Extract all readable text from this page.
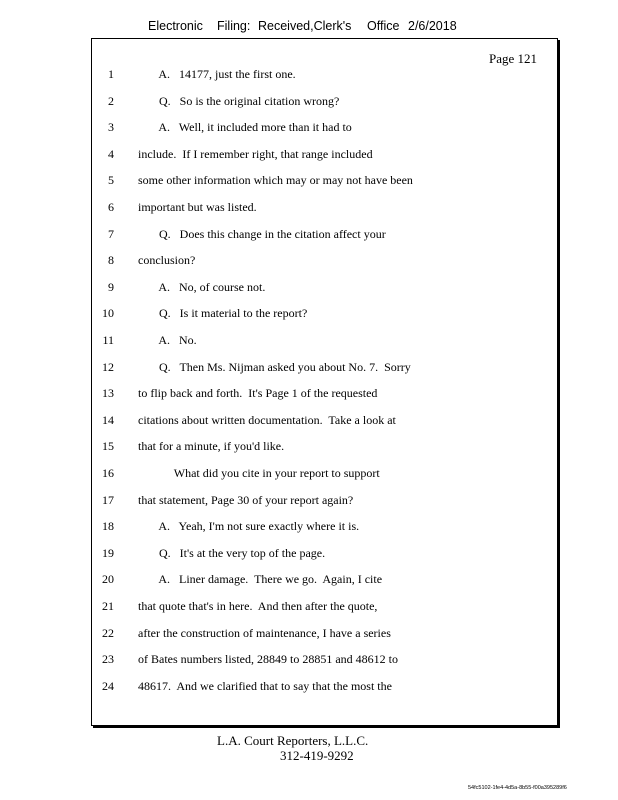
Electronic Filing: Received,Clerk's Office 2/6/2018
Page 121
1 A.   14177, just the first one.
2 Q.   So is the original citation wrong?
3 A.   Well, it included more than it had to
4 include.  If I remember right, that range included
5 some other information which may or may not have been
6 important but was listed.
7 Q.   Does this change in the citation affect your
8 conclusion?
9 A.   No, of course not.
10 Q.   Is it material to the report?
11 A.   No.
12 Q.   Then Ms. Nijman asked you about No. 7.  Sorry
13 to flip back and forth.  It's Page 1 of the requested
14 citations about written documentation.  Take a look at
15 that for a minute, if you'd like.
16 What did you cite in your report to support
17 that statement, Page 30 of your report again?
18 A.   Yeah, I'm not sure exactly where it is.
19 Q.   It's at the very top of the page.
20 A.   Liner damage.  There we go.  Again, I cite
21 that quote that's in here.  And then after the quote,
22 after the construction of maintenance, I have a series
23 of Bates numbers listed, 28849 to 28851 and 48612 to
24 48617.  And we clarified that to say that the most the
L.A. Court Reporters, L.L.C.
312-419-9292
54fc5102-1fe4-4d5a-8b55-f00a395289f6
